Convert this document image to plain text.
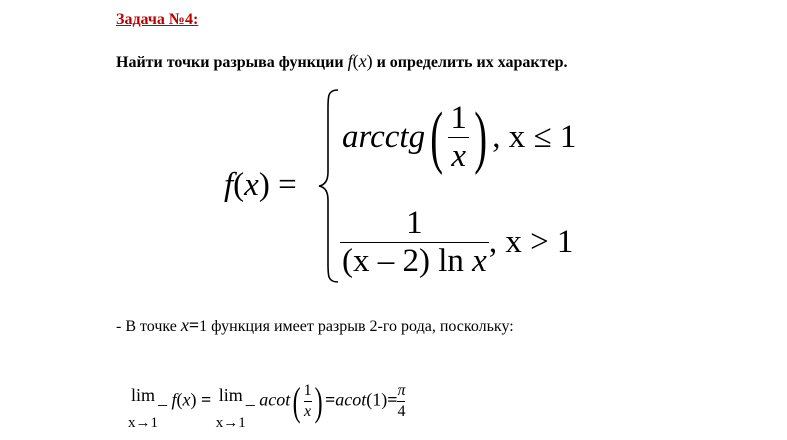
Задача №4:
Найти точки разрыва функции f(x) и определить их характер.
f(x) =
arcctg ( $\frac{1}{x}$ ) , x ≤ 1
$\frac{1}{\text{(x – 2) ln x}}$ , x > 1
- В точке x=1 функция имеет разрыв 2-го рода, поскольку:
lim
x→1
– f(x) = lim
x→1
– $acot( \frac{1}{x}$ ) $=acot(1)= \frac{\pi}{4}$
